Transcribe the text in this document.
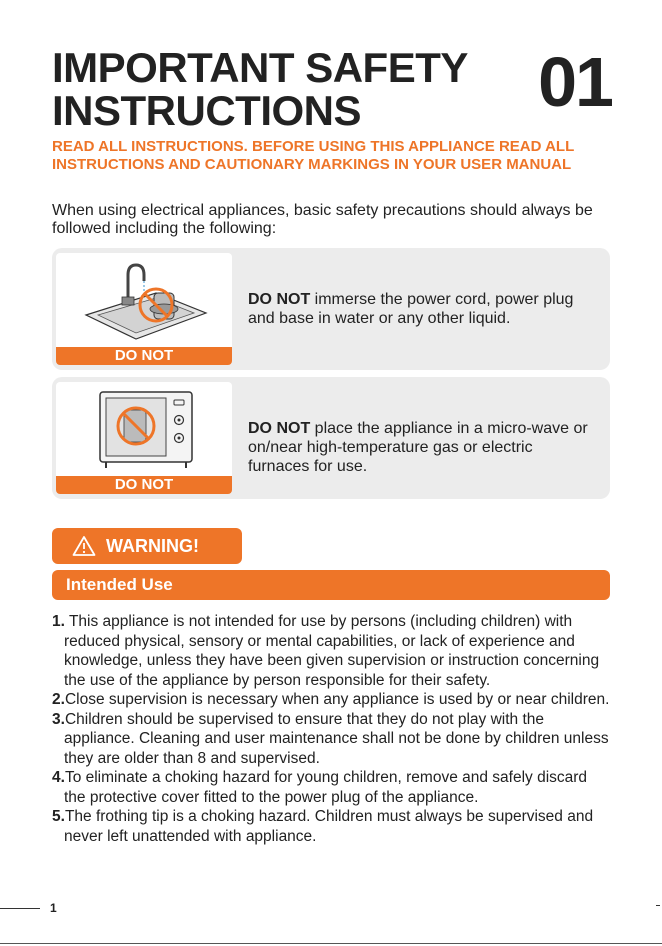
IMPORTANT SAFETY
INSTRUCTIONS	01
READ ALL INSTRUCTIONS. BEFORE USING THIS APPLIANCE READ ALL INSTRUCTIONS AND CAUTIONARY MARKINGS IN YOUR USER MANUAL
When using electrical appliances, basic safety precautions should always be followed including the following:
DO NOT
DO NOT immerse the power cord, power plug and base in water or any other liquid.
DO NOT
DO NOT place the appliance in a micro-wave or on/near high-temperature gas or electric furnaces for use.
WARNING!
Intended Use
1. This appliance is not intended for use by persons (including children) with reduced physical, sensory or mental capabilities, or lack of experience and knowledge, unless they have been given supervision or instruction concerning the use of the appliance by person responsible for their safety.
2.Close supervision is necessary when any appliance is used by or near children.
3.Children should be supervised to ensure that they do not play with the appliance. Cleaning and user maintenance shall not be done by children unless they are older than 8 and supervised.
4.To eliminate a choking hazard for young children, remove and safely discard the protective cover fitted to the power plug of the appliance.
5.The frothing tip is a choking hazard. Children must always be supervised and never left unattended with appliance.
1
